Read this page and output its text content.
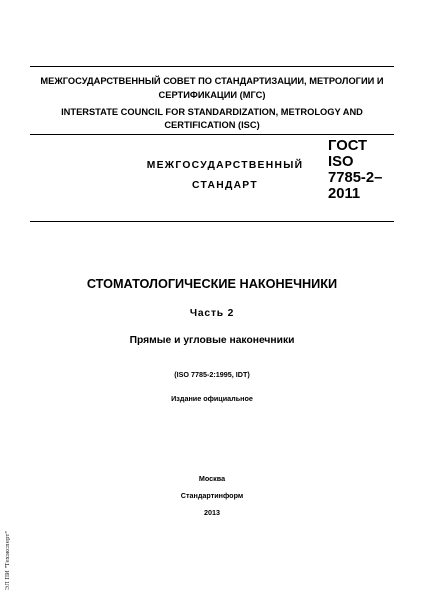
МЕЖГОСУДАРСТВЕННЫЙ СОВЕТ ПО СТАНДАРТИЗАЦИИ, МЕТРОЛОГИИ И СЕРТИФИКАЦИИ (МГС)

INTERSTATE COUNCIL FOR STANDARDIZATION, METROLOGY AND CERTIFICATION (ISC)

МЕЖГОСУДАРСТВЕННЫЙ
СТАНДАРТ

ГОСТ ISO
7785-2–
2011

СТОМАТОЛОГИЧЕСКИЕ НАКОНЕЧНИКИ

Часть 2

Прямые и угловые наконечники

(ISO 7785-2:1995, IDT)

Издание официальное

Москва

Стандартинформ

2013

ЭЛ ПИ "Техэксперт"
